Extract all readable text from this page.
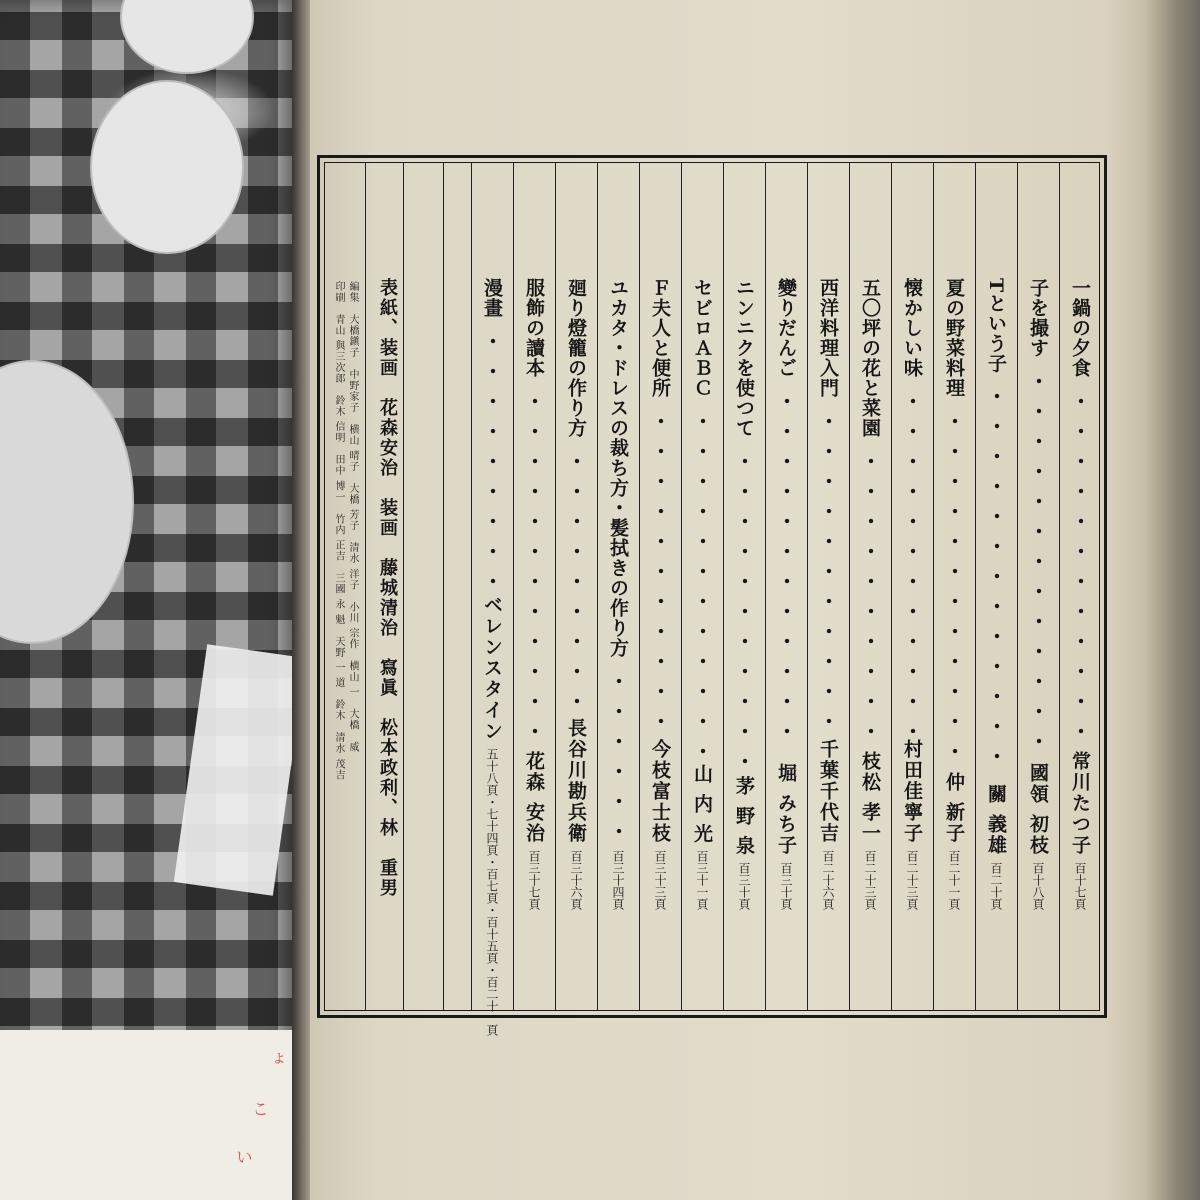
ょ
こ
い
編集　大橋鎭子　中野家子　横山 晴子　大橋 芳子　清水 洋子　小川 宗作　横山 一　大橋　威
印刷　青山 與三次郎　鈴木 信明　田中 博一　竹内 正吉　三國 永 魁　天野 一 道　鈴木　清水 茂吉 表紙、装画　花森安治　装画　藤城清治　寫眞　松本政利、林　重男	一鍋の夕食
常川たつ子
百十七頁
子を撮す
國領 初枝
百十八頁
Tという子
關 義雄
百二十頁
夏の野菜料理
仲 新子
百二十一頁
懐かしい味
村田佳寧子
百二十三頁
五〇坪の花と菜園
枝松 孝一
百二十三頁
西洋料理入門
千葉千代吉
百二十六頁
變りだんご
堀 みち子
百三十頁
ニンニクを使つて
茅 野 泉
百三十頁
セビロＡＢＣ
山 内 光
百三十一頁
Ｆ夫人と便所
今枝富士枝
百三十三頁
ユカタ・ドレスの裁ち方・髪拭きの作り方
百三十四頁
廻り燈籠の作り方
長谷川勘兵衛
百三十六頁
服飾の讀本
花森 安治
百三十七頁
漫畫
ベレンスタイン
五十八頁・七十四頁・百七頁・百十五頁・百二十一頁
